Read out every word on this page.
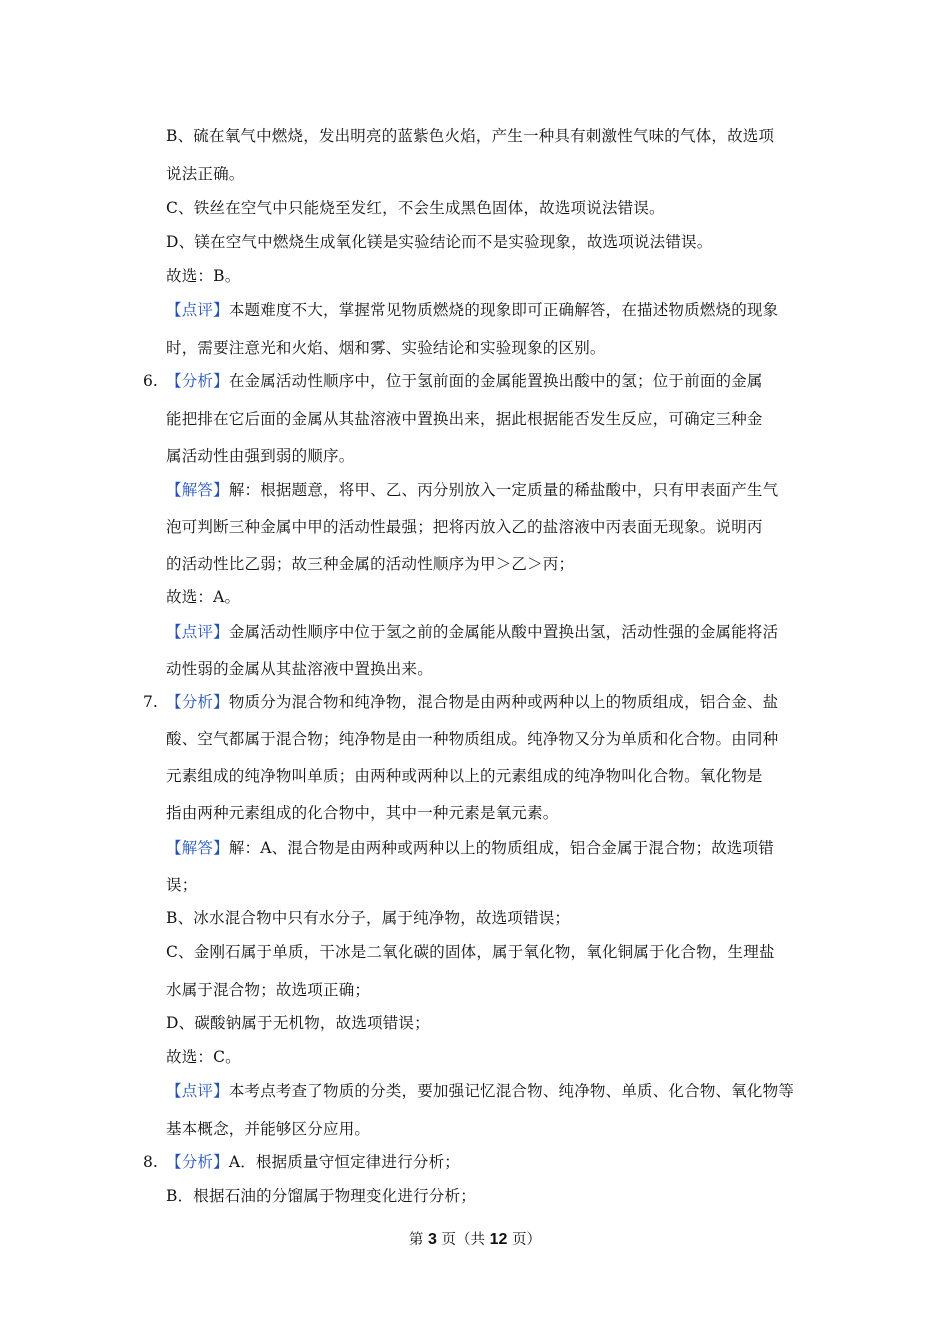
B、硫在氧气中燃烧，发出明亮的蓝紫色火焰，产生一种具有刺激性气味的气体，故选项
说法正确。
C、铁丝在空气中只能烧至发红，不会生成黑色固体，故选项说法错误。
D、镁在空气中燃烧生成氧化镁是实验结论而不是实验现象，故选项说法错误。
故选：B。
【点评】本题难度不大，掌握常见物质燃烧的现象即可正确解答，在描述物质燃烧的现象
时，需要注意光和火焰、烟和雾、实验结论和实验现象的区别。
6. 【分析】在金属活动性顺序中，位于氢前面的金属能置换出酸中的氢；位于前面的金属
能把排在它后面的金属从其盐溶液中置换出来，据此根据能否发生反应，可确定三种金
属活动性由强到弱的顺序。
【解答】解：根据题意，将甲、乙、丙分别放入一定质量的稀盐酸中，只有甲表面产生气
泡可判断三种金属中甲的活动性最强；把将丙放入乙的盐溶液中丙表面无现象。说明丙
的活动性比乙弱；故三种金属的活动性顺序为甲＞乙＞丙；
故选：A。
【点评】金属活动性顺序中位于氢之前的金属能从酸中置换出氢，活动性强的金属能将活
动性弱的金属从其盐溶液中置换出来。
7. 【分析】物质分为混合物和纯净物，混合物是由两种或两种以上的物质组成，铝合金、盐
酸、空气都属于混合物；纯净物是由一种物质组成。纯净物又分为单质和化合物。由同种
元素组成的纯净物叫单质；由两种或两种以上的元素组成的纯净物叫化合物。氧化物是
指由两种元素组成的化合物中，其中一种元素是氧元素。
【解答】解：A、混合物是由两种或两种以上的物质组成，铝合金属于混合物；故选项错
误；
B、冰水混合物中只有水分子，属于纯净物，故选项错误；
C、金刚石属于单质，干冰是二氧化碳的固体，属于氧化物，氧化铜属于化合物，生理盐
水属于混合物；故选项正确；
D、碳酸钠属于无机物，故选项错误；
故选：C。
【点评】本考点考查了物质的分类，要加强记忆混合物、纯净物、单质、化合物、氧化物等
基本概念，并能够区分应用。
8. 【分析】A．根据质量守恒定律进行分析；
B．根据石油的分馏属于物理变化进行分析；
第 3 页（共 12 页）
